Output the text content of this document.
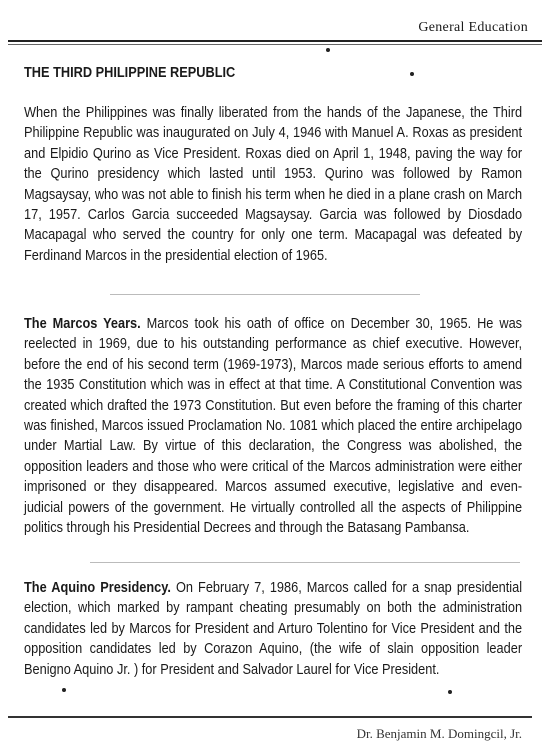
General Education
THE THIRD PHILIPPINE REPUBLIC

When the Philippines was finally liberated from the hands of the Japanese, the Third Philippine Republic was inaugurated on July 4, 1946 with Manuel A. Roxas as president and Elpidio Qurino as Vice President. Roxas died on April 1, 1948, paving the way for the Qurino presidency which lasted until 1953. Qurino was followed by Ramon Magsaysay, who was not able to finish his term when he died in a plane crash on March 17, 1957. Carlos Garcia succeeded Magsaysay. Garcia was followed by Diosdado Macapagal who served the country for only one term. Macapagal was defeated by Ferdinand Marcos in the presidential election of 1965.

The Marcos Years. Marcos took his oath of office on December 30, 1965. He was reelected in 1969, due to his outstanding performance as chief executive. However, before the end of his second term (1969-1973), Marcos made serious efforts to amend the 1935 Constitution which was in effect at that time. A Constitutional Convention was created which drafted the 1973 Constitution. But even before the framing of this charter was finished, Marcos issued Proclamation No. 1081 which placed the entire archipelago under Martial Law. By virtue of this declaration, the Congress was abolished, the opposition leaders and those who were critical of the Marcos administration were either imprisoned or they disappeared. Marcos assumed executive, legislative and even-judicial powers of the government. He virtually controlled all the aspects of Philippine politics through his Presidential Decrees and through the Batasang Pambansa.

The Aquino Presidency. On February 7, 1986, Marcos called for a snap presidential election, which marked by rampant cheating presumably on both the administration candidates led by Marcos for President and Arturo Tolentino for Vice President and the opposition candidates led by Corazon Aquino, (the wife of slain opposition leader Benigno Aquino Jr. ) for President and Salvador Laurel for Vice President.

Dr. Benjamin M. Domingcil, Jr.
